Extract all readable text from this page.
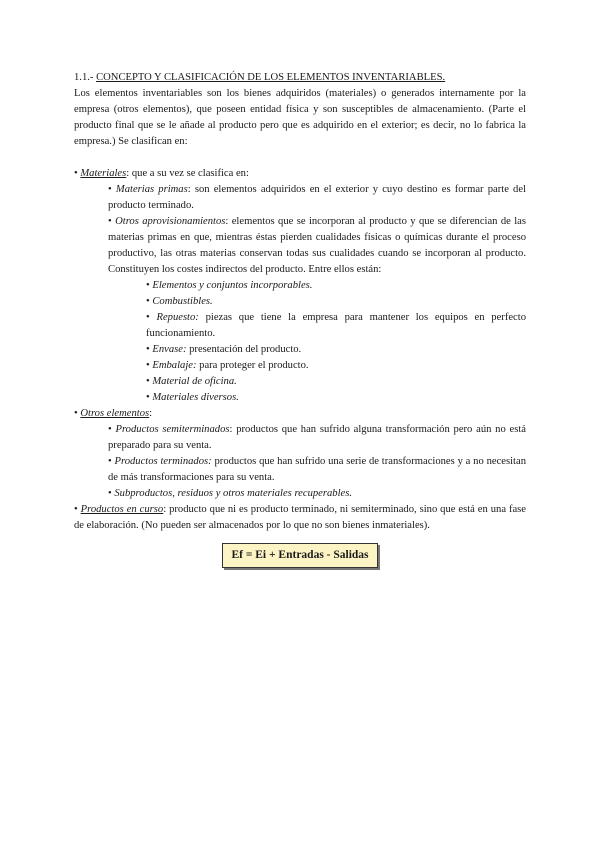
1.1.- CONCEPTO Y CLASIFICACIÓN DE LOS ELEMENTOS INVENTARIABLES.

Los elementos inventariables son los bienes adquiridos (materiales) o generados internamente por la empresa (otros elementos), que poseen entidad física y son susceptibles de almacenamiento. (Parte el producto final que se le añade al producto pero que es adquirido en el exterior; es decir, no lo fabrica la empresa.) Se clasifican en:

• Materiales: que a su vez se clasifica en:

• Materias primas: son elementos adquiridos en el exterior y cuyo destino es formar parte del producto terminado.

• Otros aprovisionamientos: elementos que se incorporan al producto y que se diferencian de las materias primas en que, mientras éstas pierden cualidades físicas o químicas durante el proceso productivo, las otras materias conservan todas sus cualidades cuando se incorporan al producto. Constituyen los costes indirectos del producto. Entre ellos están:

• Elementos y conjuntos incorporables.

• Combustibles.

• Repuesto: piezas que tiene la empresa para mantener los equipos en perfecto funcionamiento.

• Envase: presentación del producto.

• Embalaje: para proteger el producto.

• Material de oficina.

• Materiales diversos.

• Otros elementos:

• Productos semiterminados: productos que han sufrido alguna transformación pero aún no está preparado para su venta.

• Productos terminados: productos que han sufrido una serie de transformaciones y a no necesitan de más transformaciones para su venta.

• Subproductos, residuos y otros materiales recuperables.

• Productos en curso: producto que ni es producto terminado, ni semiterminado, sino que está en una fase de elaboración. (No pueden ser almacenados por lo que no son bienes inmateriales).

Ef = Ei + Entradas - Salidas
